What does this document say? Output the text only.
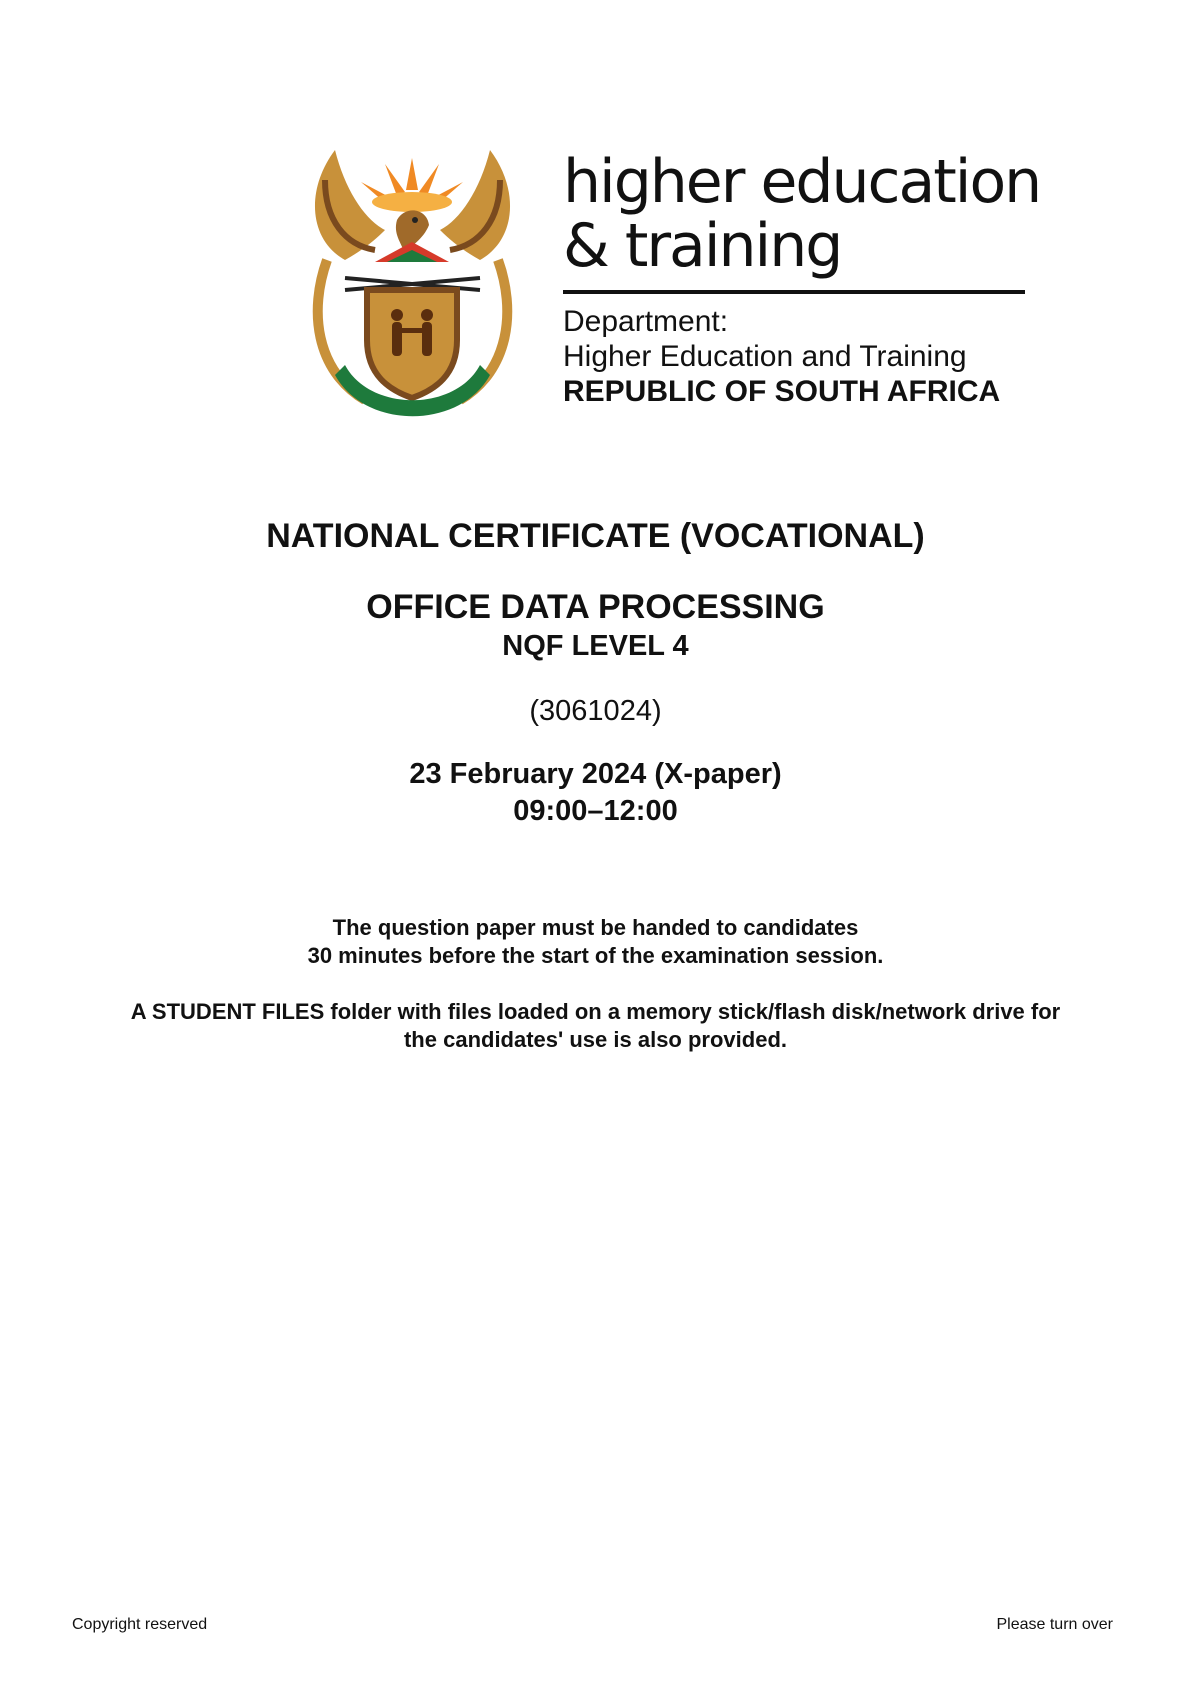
higher education

& training

Department:

Higher Education and Training

REPUBLIC OF SOUTH AFRICA

NATIONAL CERTIFICATE (VOCATIONAL)

OFFICE DATA PROCESSING

NQF LEVEL 4

(3061024)

23 February 2024 (X-paper)

09:00–12:00

The question paper must be handed to candidates

30 minutes before the start of the examination session.

A STUDENT FILES folder with files loaded on a memory stick/flash disk/network drive for

the candidates' use is also provided.

Copyright reserved	Please turn over
